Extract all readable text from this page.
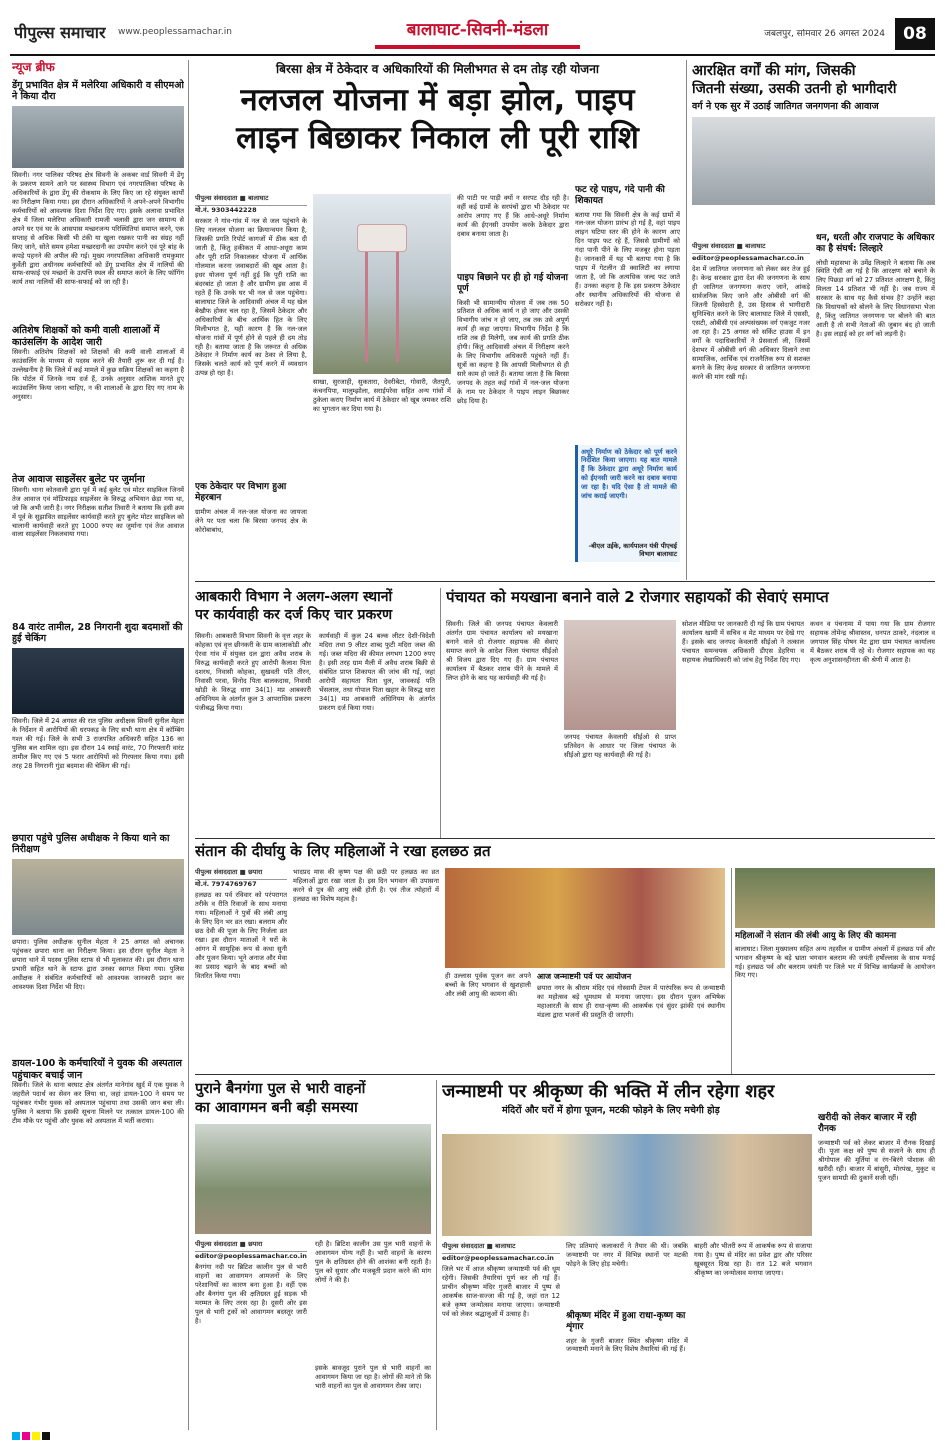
पीपुल्स समाचार www.peoplessamachar.in	बालाघाट-सिवनी-मंडला	जबलपुर, सोमवार 26 अगस्त 2024	08
न्यूज ब्रीफ
डेंगू प्रभावित क्षेत्र में मलेरिया अधिकारी व सीएमओ ने किया दौरा
सिवनी। नगर पालिका परिषद क्षेत्र सिवनी के अकबर वार्ड सिवनी में डेंगू के प्रकरण सामने आने पर स्वास्थ्य विभाग एवं नगरपालिका परिषद के अधिकारियों के द्वारा डेंगू की रोकथाम के लिए किए जा रहे संयुक्त कार्यों का निरीक्षण किया गया। इस दौरान अधिकारियों ने अपने-अपने विभागीय कर्मचारियों को आवश्यक दिशा निर्देश दिए गए। इसके अलावा प्रभावित क्षेत्र में जिला मलेरिया अधिकारी रामजी भलावी द्वारा जन सामान्य से अपने घर एवं घर के आसपास मच्छरजन्य परिस्थितियां समाप्त करने, एक सप्ताह से अधिक किसी भी टंकी या खुला रखकर पानी का संग्रह नहीं किए जाने, सोते समय हमेशा मच्छरदानी का उपयोग करने एवं पूरे बांह के कपड़े पहनने की अपील की गई। मुख्य नगरपालिका अधिकारी रामकुमार कुर्वेती द्वारा अधीनस्थ कर्मचारियों को डेंगू प्रभावित क्षेत्र में नालियों की साफ-सफाई एवं मच्छरों के उत्पत्ति स्थल की समाप्त करने के लिए फॉगिंग कार्य तथा नालियों की साफ-सफाई को जा रही है।
अतिशेष शिक्षकों को कमी वाली शालाओं में काउंसलिंग के आदेश जारी
सिवनी। अतिशेष शिक्षकों को शिक्षकों की कमी वाली शालाओं में काउंसलिंग के माध्यम से पदस्थ करने की तैयारी शुरू कर दी गई है। उल्लेखनीय है कि जिले में कई मामले में कुछ सक्रिय शिक्षकों का कहना है कि पोर्टल में जिनके नाम दर्ज हैं, उनके अनुसार आंशिक मानते हुए काउंसलिंग किया जाना चाहिए, न की शालाओं के द्वारा दिए गए नाम के अनुसार।
तेज आवाज साइलेंसर बुलेट पर जुर्माना
सिवनी। थाना कोतवाली द्वारा पूर्व में कई बुलेट एवं मोटर साइकिल जिनमें तेज आवाज एवं मॉडिफाइड साइलेंसर के विरुद्ध अभियान छेड़ा गया था, जो कि अभी जारी है। नगर निरीक्षक सतीश तिवारी ने बताया कि इसी क्रम में पूर्व के सुझावित साइलेंसर कार्यवाही करते हुए बुलेट मोटर साइकिल को चालानी कार्यवाही करते हुए 1000 रुपए का जुर्माना एवं तेज आवाज वाला साइलेंसर निकलवाया गया।
84 वारंट तामील, 28 निगरानी शुदा बदमाशों की हुई चेकिंग
सिवनी। जिले में 24 अगस्त की रात पुलिस अधीक्षक सिवनी सुनील मेहता के निर्देशन में आरोपियों की धरपकड़ के लिए सभी थाना क्षेत्र में कॉम्बिंग गश्त की गई। जिले के सभी 3 राजपत्रित अधिकारी सहित 136 का पुलिस बल शामिल रहा। इस दौरान 14 स्थाई वारंट, 70 गिरफ्तारी वारंट तामील किए गए एवं 5 फरार आरोपियों को गिरफ्तार किया गया। इसी तरह 28 निगरानी गुंडा बदमाश की चेकिंग की गई।
छपारा पहुंचे पुलिस अधीक्षक ने किया थाने का निरीक्षण
छपारा। पुलिस अधीक्षक सुनील मेहता ने 25 अगस्त को अचानक पहुंचकर छपारा थाना का निरीक्षण किया। इस दौरान सुनील मेहता ने छपारा थाने में पदस्थ पुलिस स्टाफ से भी मुलाकात की। इस दौरान थाना प्रभारी सहित थाने के स्टाफ द्वारा उनका स्वागत किया गया। पुलिस अधीक्षक ने संबंधित कर्मचारियों को आवश्यक जानकारी प्रदान कर आवश्यक दिशा निर्देश भी दिए।
डायल-100 के कर्मचारियों ने युवक की अस्पताल पहुंचाकर बचाई जान
सिवनी। जिले के थाना बरघाट क्षेत्र अंतर्गत मानेगांव खुर्द में एक युवक ने जहरीले पदार्थ का सेवन कर लिया था, जहां डायल-100 ने समय पर पहुंचकर गंभीर युवक को अस्पताल पहुंचाया तथा उसकी जान बचा ली। पुलिस ने बताया कि इसकी सूचना मिलने पर तत्काल डायल-100 की टीम मौके पर पहुंची और युवक को अस्पताल में भर्ती कराया।
बिरसा क्षेत्र में ठेकेदार व अधिकारियों की मिलीभगत से दम तोड़ रही योजना
नलजल योजना में बड़ा झोल, पाइप
लाइन बिछाकर निकाल ली पूरी राशि
पीपुल्स संवाददाता ■ बालाघाट
मो.नं. 9303442228
सरकार ने गांव-गांव में नल से जल पहुंचाने के लिए नलजल योजना का क्रियान्वयन किया है, जिसकी प्रगति रिपोर्ट कागजों में ठीक बता दी जाती है, किंतु हकीकत में आधा-अधूरा काम और पूरी राशि निकालकर योजना में आर्थिक गोलमाल करना जवाबदारों की खूब आता है। इधर योजना पूर्ण नहीं हुई कि पूरी राशि का बंदरबांट हो जाता है और ग्रामीण इस आस में रहते हैं कि उनके घर भी नल से जल पहुंचेगा। बालाघाट जिले के आदिवासी अंचल में यह खेल बेखौफ होकर चल रहा है, जिसमें ठेकेदार और अधिकारियों के बीच आर्थिक हित के लिए मिलीभगत है, यही कारण है कि नल-जल योजना गांवों में पूर्ण होने से पहले ही दम तोड़ रही है। बताया जाता है कि जरूरत से अधिक ठेकेदार ने निर्माण कार्य का ठेका ले लिया है, जिसके चलते कार्य को पूर्ण करने में व्यवधान उत्पन्न हो रहा है।
एक ठेकेदार पर विभाग हुआ मेहरबान
ग्रामीण अंचल में नल-जल योजना का जायजा लेने पर पता चला कि बिरसा जनपद क्षेत्र के कोरोबाबांध,
साखा, सुरजाही, सुकतारा, देवरीबेटा, गोवारी, जैतपुरी, कंचनपिपा, मालुम्झोला, सराईपरेवा सहित अन्य गांवों में ठुकेला कराए निर्माण कार्य में ठेकेदार को खूब जमकर राशि का भुगतान कर दिया गया है।
की पाटी पर पाड़ी क्यों न सरपट दौड़ रही है। वहीं कई ग्रामों के सरपंचों द्वारा भी ठेकेदार पर आरोप लगाए गए हैं कि आधे-अधूरे निर्माण कार्य की ईएनसी उपयोग करके ठेकेदार द्वारा दबाव बनाया जाता है।
पाइप बिछाने पर ही हो गई योजना पूर्ण
किसी भी सामान्यीय योजना में जब तक 50 प्रतिशत से अधिक कार्य न हो जाए और उसकी विभागीय जांच न हो जाए, तब तक उसे अपूर्ण कार्य ही कहा जाएगा। विभागीय निर्देश है कि राशि तब ही मिलेगी, जब कार्य की प्रगति ठीक होगी। किंतु आदिवासी अंचल में निरीक्षण करने के लिए विभागीय अधिकारी पहुंचते नहीं हैं। सूत्रों का कहना है कि आपसी मिलीभगत से ही सारे काम हो जाते हैं। बताया जाता है कि बिरसा जनपद के तहत कई गांवों में नल-जल योजना के नाम पर ठेकेदार ने पाइप लाइन बिछाकर छोड़ दिया है।
फट रहे पाइप, गंदे पानी की शिकायत
बताया गया कि सिवनी क्षेत्र के कई ग्रामों में नल-जल योजना प्रारंभ हो गई है, वहां पाइप लाइन घटिया स्तर की होने के कारण आए दिन पाइप फट रहे हैं, जिससे ग्रामीणों को गंदा पानी पीने के लिए मजबूर होना पड़ता है। जानकारी में यह भी बताया गया है कि पाइप में गेटलीन डी क्वालिटी का लगाया जाता है, जो कि अत्यधिक जल्द फट जाते हैं। उनका कहना है कि इस प्रकरण ठेकेदार और स्थानीय अधिकारियों की योजना से सरोकार नहीं है।
अधूरे निर्माण को ठेकेदार को पूर्ण करने निर्देशित किया जाएगा। यह बात मामले हैं कि ठेकेदार द्वारा अधूरे निर्माण कार्य को ईएनसी जारी करने का दबाव बनाया जा रहा है। यदि ऐसा है तो मामले की जांच कराई जाएगी।
-बीएल उईके, कार्यपालन यंत्री पीएचई विभाग बालाघाट
आरक्षित वर्गों की मांग, जिसकी
जितनी संख्या, उसकी उतनी हो भागीदारी
वर्ग ने एक सुर में उठाई जातिगत जनगणना की आवाज
पीपुल्स संवाददाता ■ बालाघाट
editor@peoplessamachar.co.in
देश में जातिगत जनगणना को लेकर स्वर तेज हुई है। केन्द्र सरकार द्वारा देश की जनगणना के साथ ही जातिगत जनगणना कराए जाने, आंकड़े सार्वजनिक किए जाने और ओबीसी वर्ग की जितनी हिस्सेदारी है, उस हिसाब से भागीदारी सुनिश्चित करने के लिए बालाघाट जिले में एससी, एसटी, ओबीसी एवं अल्पसंख्यक वर्ग एकजुट नजर आ रहा है। 25 अगस्त को सर्किट हाउस में इन वर्गों के पदाधिकारियों ने प्रेसवार्ता ली, जिसमें देशभर में ओबीसी वर्ग की अधिकार दिलाने तथा सामाजिक, आर्थिक एवं राजनैतिक रूप से सशक्त बनाने के लिए केन्द्र सरकार से जातिगत जनगणना करने की मांग रखी गई।
धन, धरती और राजपाट के अधिकार का है संघर्ष: लिल्हारे
लोधी महासभा के उमेंद्र लिल्हारे ने बताया कि अब स्थिति ऐसी आ गई है कि आरक्षण को बचाने के लिए पिछड़ा वर्ग को 27 प्रतिशत आरक्षण है, किंतु मिलता 14 प्रतिशत भी नहीं है। जब राज्य में सरकार के साथ यह कैसे संभव है? उन्होंने कहा कि विधायकों को बोलने के लिए विधानसभा भेजा है, किंतु जातिगत जनगणना पर बोलने की बात आती है तो सभी नेताओं की जुबान बंद हो जाती है। इस लड़ाई को हर वर्ग को लड़नी है।
आबकारी विभाग ने अलग-अलग स्थानों
पर कार्यवाही कर दर्ज किए चार प्रकरण
सिवनी। आबकारी विभाग सिवनी के वृत्त शहर के कोहका एवं वृत्त छीनकरी के ग्राम कालाकोडी और ऐरवा गांव में संयुक्त दल द्वारा अवैध शराब के विरुद्ध कार्यवाही करते हुए आरोपी कैलाश पिता दशरथ, निवासी कोहका, सुखवती पति तीरन, निवासी परवा, विनोद पिता बालकदास, निवासी खोड़ी के विरुद्ध धारा 34(1) मप्र आबकारी अधिनियम के अंतर्गत कुल 3 आपराधिक प्रकरण पंजीबद्ध किया गया।
कार्यवाही में कुल 24 बल्क लीटर देशी-विदेशी मदिरा तथा 9 लीटर शाब्द फुटी मदिरा जब्त की गई। जब्त मदिरा की कीमत लगभग 1200 रुपए है। इसी तरह ग्राम मैली में अवैध शराब बिक्री से संबंधित प्राप्त शिकायत की जांच की गई, जहां आरोपी सहायता पिता धुल, जावकाई पति भेंसलाल, तथा गोपाल पिता खहार के विरुद्ध धारा 34(1) मप्र आबकारी अधिनियम के अंतर्गत प्रकरण दर्ज किया गया।
पंचायत को मयखाना बनाने वाले 2 रोजगार सहायकों की सेवाएं समाप्त
सिवनी। जिले की जनपद पंचायत केवलारी अंतर्गत ग्राम पंचायत कार्यालय को मयखाना बनाने वाले दो रोजगार सहायक की सेवाएं समाप्त करने के आदेश जिला पंचायत सीईओ श्री विजय द्वारा दिए गए हैं। ग्राम पंचायत कार्यालय में बैठकर शराब पीने के मामले में लिप्त होने के बाद यह कार्यवाही की गई है।
जनपद पंचायत केवलारी सीईओ से प्राप्त प्रतिवेदन के आधार पर जिला पंचायत के सीईओ द्वारा यह कार्यवाही की गई है।
सोशल मीडिया पर जानकारी दी गई कि ग्राम पंचायत कार्यालय खामी में सचिव व मेट माध्यम पर देखे गए हैं। इसके बाद जनपद केवलारी सीईओ ने तत्काल पंचायत समन्वयक अधिकारी डीएस डेहरिया व सहायक लेखाधिकारी को जांच हेतु निर्देश दिए गए।
कथन व पंचनामा में पाया गया कि ग्राम रोजगार सहायक तोमेन्द्र श्रीवास्तव, धनपत ठाकरे, नंदलाल व जगपाल सिंह पोषन मेट द्वारा ग्राम पंचायत कार्यालय में बैठकर शराब पी रहे थे। रोजगार सहायक का यह कृत्य अनुशासनहीनता की श्रेणी में आता है।
संतान की दीर्घायु के लिए महिलाओं ने रखा हलछठ व्रत
पीपुल्स संवाददाता ■ छपारा
मो.नं. 7974769767
हलछठ का पर्व रविवार को परंपरागत तरीके व रीति रिवाजों के साथ मनाया गया। महिलाओं ने पुत्रों की लंबी आयु के लिए दिन भर व्रत रखा। बलराम और छठ देवी की पूजा के लिए निर्जला व्रत रखा। इस दौरान माताओं ने घरों के आंगन में सामूहिक रूप से कथा सुनी और पूजन किया। भूने अनाज और मेवा का प्रसाद चढ़ाने के बाद बच्चों को वितरित किया गया।
भादप्रद मास की कृष्ण पक्ष की छठी पर हलछठ का व्रत महिलाओं द्वारा रखा जाता है। इस दिन भगवान की उपासना करने से पुत्र की आयु लंबी होती है। एवं तीज त्योहारों में हलछठ का विशेष महत्व है।
ही उल्लास पूर्वक पूजन कर अपने बच्चों के लिए भगवान से खुशहाली और लंबी आयु की कामना की।
आज जन्माष्टमी पर्व पर आयोजन
छपारा नगर के श्रीराम मंदिर एवं गोस्वामी टेंपल में पारंपरिक रूप से जन्माष्टमी का महोत्सव बड़े धूमधाम से मनाया जाएगा। इस दौरान पूजन अभिषेक महाआरती के साथ ही राधा-कृष्ण की आकर्षक एवं सुंदर झांकी एवं स्थानीय मंडला द्वारा भजनों की प्रस्तुति दी जाएगी।
महिलाओं ने संतान की लंबी आयु के लिए की कामना
बालाघाट। जिला मुख्यालय सहित अन्य तहसील व ग्रामीण अंचलों में हलछठ पर्व और भगवान श्रीकृष्ण के बड़े भ्राता भगवान बलराम की जयंती हर्षोल्लास के साथ मनाई गई। हलछठ पर्व और बलराम जयंती पर जिले भर में विभिन्न कार्यक्रमों के आयोजन किए गए।
पुराने बैनगंगा पुल से भारी वाहनों
का आवागमन बनी बड़ी समस्या
पीपुल्स संवाददाता ■ छपारा
editor@peoplessamachar.co.in
बैनगंगा नदी पर ब्रिटिश कालीन पुल से भारी वाहनों का आवागमन आमजनों के लिए परेशानियों का कारण बना हुआ है। वहीं एक और बैनगंगा पुल की क्षतिग्रस्त हुई सड़क भी मरम्मत के लिए तरस रहा है। दूसरी ओर इस पुल से भारी ट्रकों को आवागमन बदस्तूर जारी है।
रही है। ब्रिटिश कालीन उस पुल भारी वाहनों के आवागमन योग्य नहीं है। भारी वाहनों के कारण पुल के क्षतिग्रस्त होने की आशंका बनी रहती है। पुल को सुधार और मजबूती प्रदान करने की मांग लोगों ने की है।
इसके बावजूद पुराने पुल से भारी वाहनों का आवागमन किया जा रहा है। लोगों की माने तो कि भारी वाहनों का पुल से आवागमन रोका जाए।
जन्माष्टमी पर श्रीकृष्ण की भक्ति में लीन रहेगा शहर
मंदिरों और घरों में होगा पूजन, मटकी फोड़ने के लिए मचेगी होड़
पीपुल्स संवाददाता ■ बालाघाट
editor@peoplessamachar.co.in
जिले भर में आज श्रीकृष्ण जन्माष्टमी पर्व की धूम रहेगी। जिसकी तैयारियां पूर्ण कर ली गई हैं। प्राचीन श्रीकृष्ण मंदिर गुजरी बाजार में पुष्प से आकर्षक साज-सज्जा की गई है, जहां रात 12 बजे कृष्ण जन्मोत्सव मनाया जाएगा। जन्माष्टमी पर्व को लेकर श्रद्धालुओं में उत्साह है।
लिए प्रतिमाएं कलाकारों ने तैयार की थी। जबकि जन्माष्टमी पर नगर में विभिन्न स्थानों पर मटकी फोड़ने के लिए होड़ मचेगी।
श्रीकृष्ण मंदिर में हुआ राधा-कृष्ण का शृंगार
शहर के गुजरी बाजार स्थित श्रीकृष्ण मंदिर में जन्माष्टमी मनाने के लिए विशेष तैयारियां की गई हैं।
बाहरी और भीतरी रूप में आकर्षक रूप से सजाया गया है। पुष्प से मंदिर का प्रवेश द्वार और परिसर खूबसूरत दिख रहा है। रात 12 बजे भगवान श्रीकृष्ण का जन्मोत्सव मनाया जाएगा।
खरीदी को लेकर बाजार में रही रौनक
जन्माष्टमी पर्व को लेकर बाजार में रौनक दिखाई दी। पूजा कक्ष को पुष्प से सजाने के साथ ही श्रीगोपाल की मूर्तियां व रंग-बिरंगे पोशाक की खरीदी रही। बाजार में बांसुरी, मोरपंख, मुकुट व पूजन सामग्री की दुकानें सजी रहीं।
